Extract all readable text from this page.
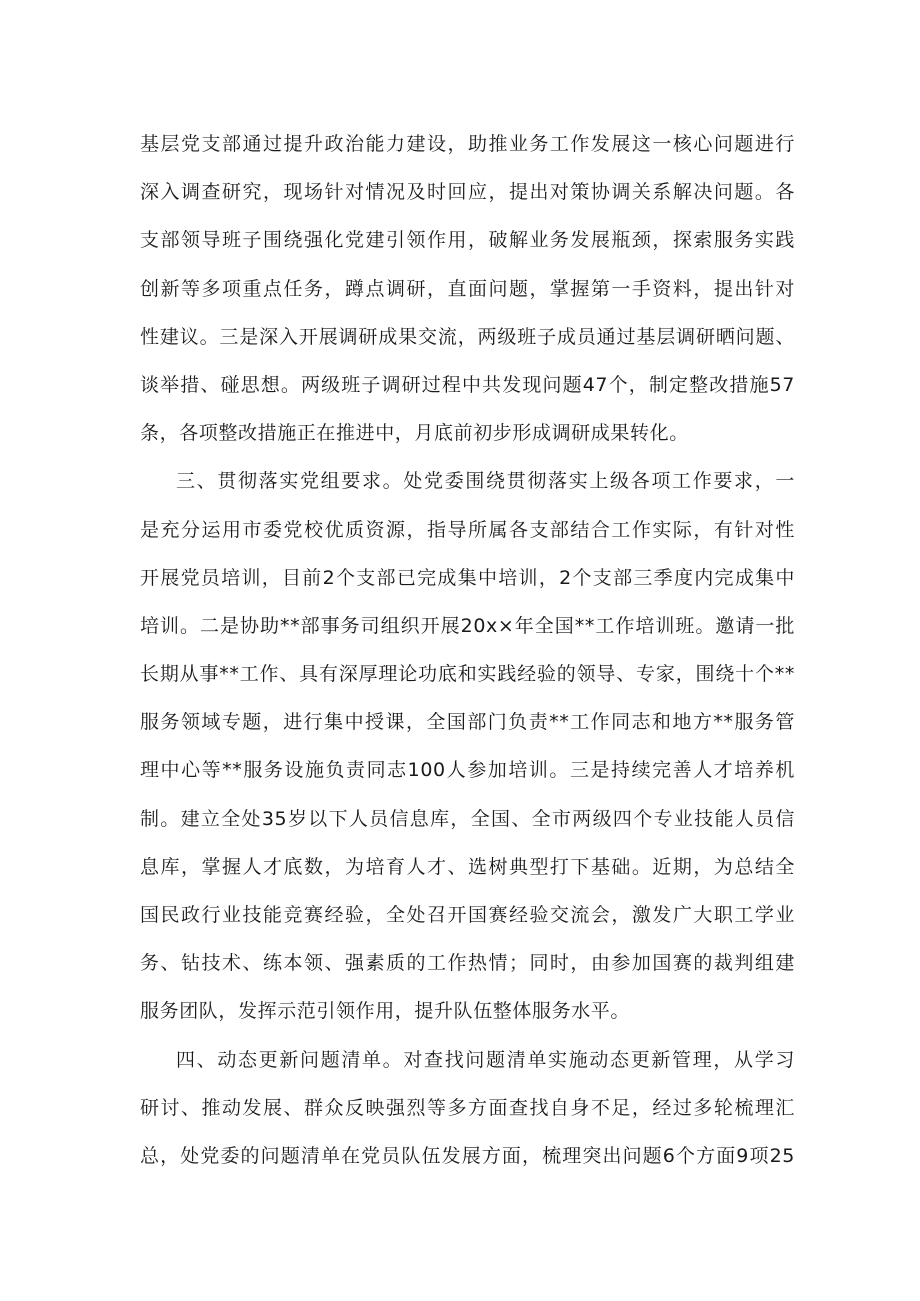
基层党支部通过提升政治能力建设，助推业务工作发展这一核心问题进行
深入调查研究，现场针对情况及时回应，提出对策协调关系解决问题。各
支部领导班子围绕强化党建引领作用，破解业务发展瓶颈，探索服务实践
创新等多项重点任务，蹲点调研，直面问题，掌握第一手资料，提出针对
性建议。三是深入开展调研成果交流，两级班子成员通过基层调研晒问题、
谈举措、碰思想。两级班子调研过程中共发现问题47个，制定整改措施57
条，各项整改措施正在推进中，月底前初步形成调研成果转化。
三、贯彻落实党组要求。处党委围绕贯彻落实上级各项工作要求，一
是充分运用市委党校优质资源，指导所属各支部结合工作实际，有针对性
开展党员培训，目前2个支部已完成集中培训，2个支部三季度内完成集中
培训。二是协助**部事务司组织开展20x×年全国**工作培训班。邀请一批
长期从事**工作、具有深厚理论功底和实践经验的领导、专家，围绕十个**
服务领域专题，进行集中授课，全国部门负责**工作同志和地方**服务管
理中心等**服务设施负责同志100人参加培训。三是持续完善人才培养机
制。建立全处35岁以下人员信息库，全国、全市两级四个专业技能人员信
息库，掌握人才底数，为培育人才、选树典型打下基础。近期，为总结全
国民政行业技能竞赛经验，全处召开国赛经验交流会，激发广大职工学业
务、钻技术、练本领、强素质的工作热情；同时，由参加国赛的裁判组建
服务团队，发挥示范引领作用，提升队伍整体服务水平。
四、动态更新问题清单。对查找问题清单实施动态更新管理，从学习
研讨、推动发展、群众反映强烈等多方面查找自身不足，经过多轮梳理汇
总，处党委的问题清单在党员队伍发展方面，梳理突出问题6个方面9项25
